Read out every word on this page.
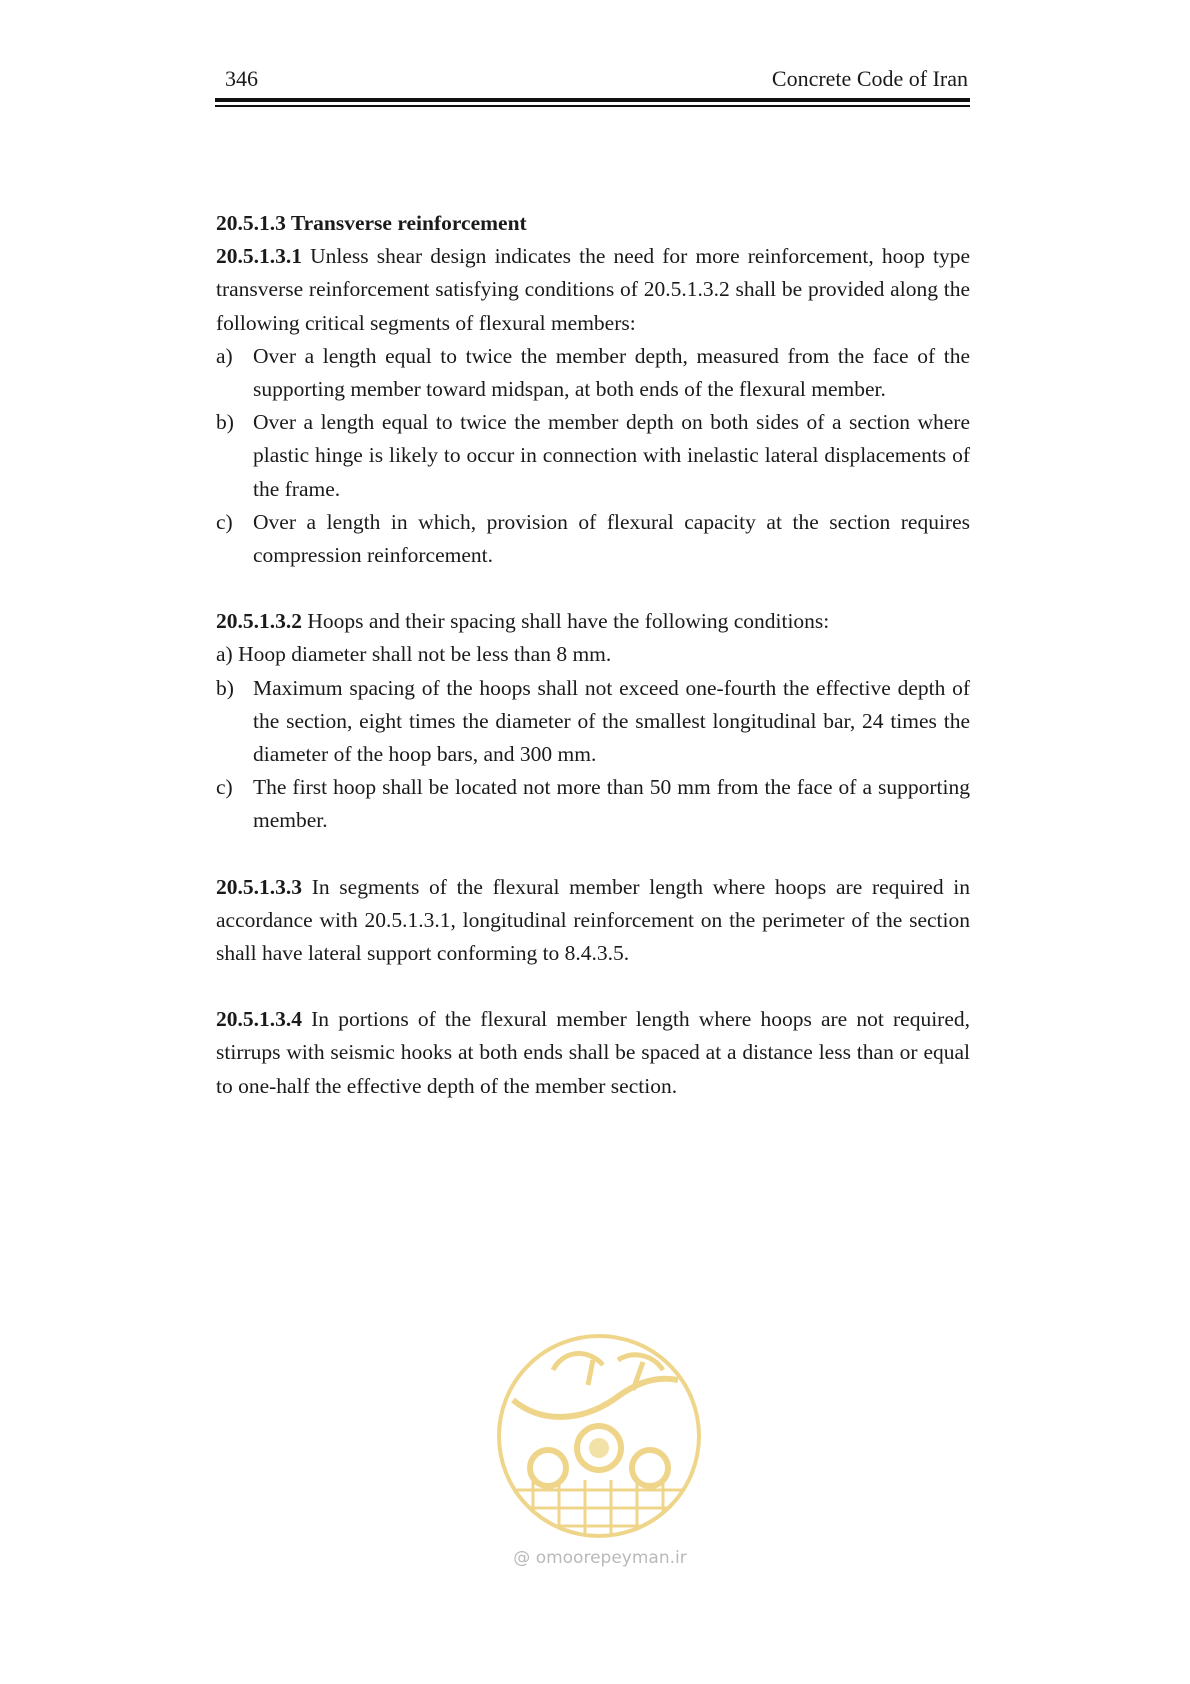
346	Concrete Code of Iran

20.5.1.3 Transverse reinforcement

20.5.1.3.1 Unless shear design indicates the need for more reinforcement, hoop type transverse reinforcement satisfying conditions of 20.5.1.3.2 shall be provided along the following critical segments of flexural members:

a) Over a length equal to twice the member depth, measured from the face of the supporting member toward midspan, at both ends of the flexural member.
b) Over a length equal to twice the member depth on both sides of a section where plastic hinge is likely to occur in connection with inelastic lateral displacements of the frame.
c) Over a length in which, provision of flexural capacity at the section requires compression reinforcement.

20.5.1.3.2 Hoops and their spacing shall have the following conditions:

a) Hoop diameter shall not be less than 8 mm.
b) Maximum spacing of the hoops shall not exceed one-fourth the effective depth of the section, eight times the diameter of the smallest longitudinal bar, 24 times the diameter of the hoop bars, and 300 mm.
c) The first hoop shall be located not more than 50 mm from the face of a supporting member.

20.5.1.3.3 In segments of the flexural member length where hoops are required in accordance with 20.5.1.3.1, longitudinal reinforcement on the perimeter of the section shall have lateral support conforming to 8.4.3.5.

20.5.1.3.4 In portions of the flexural member length where hoops are not required, stirrups with seismic hooks at both ends shall be spaced at a distance less than or equal to one-half the effective depth of the member section.

@ omoorepeyman.ir
